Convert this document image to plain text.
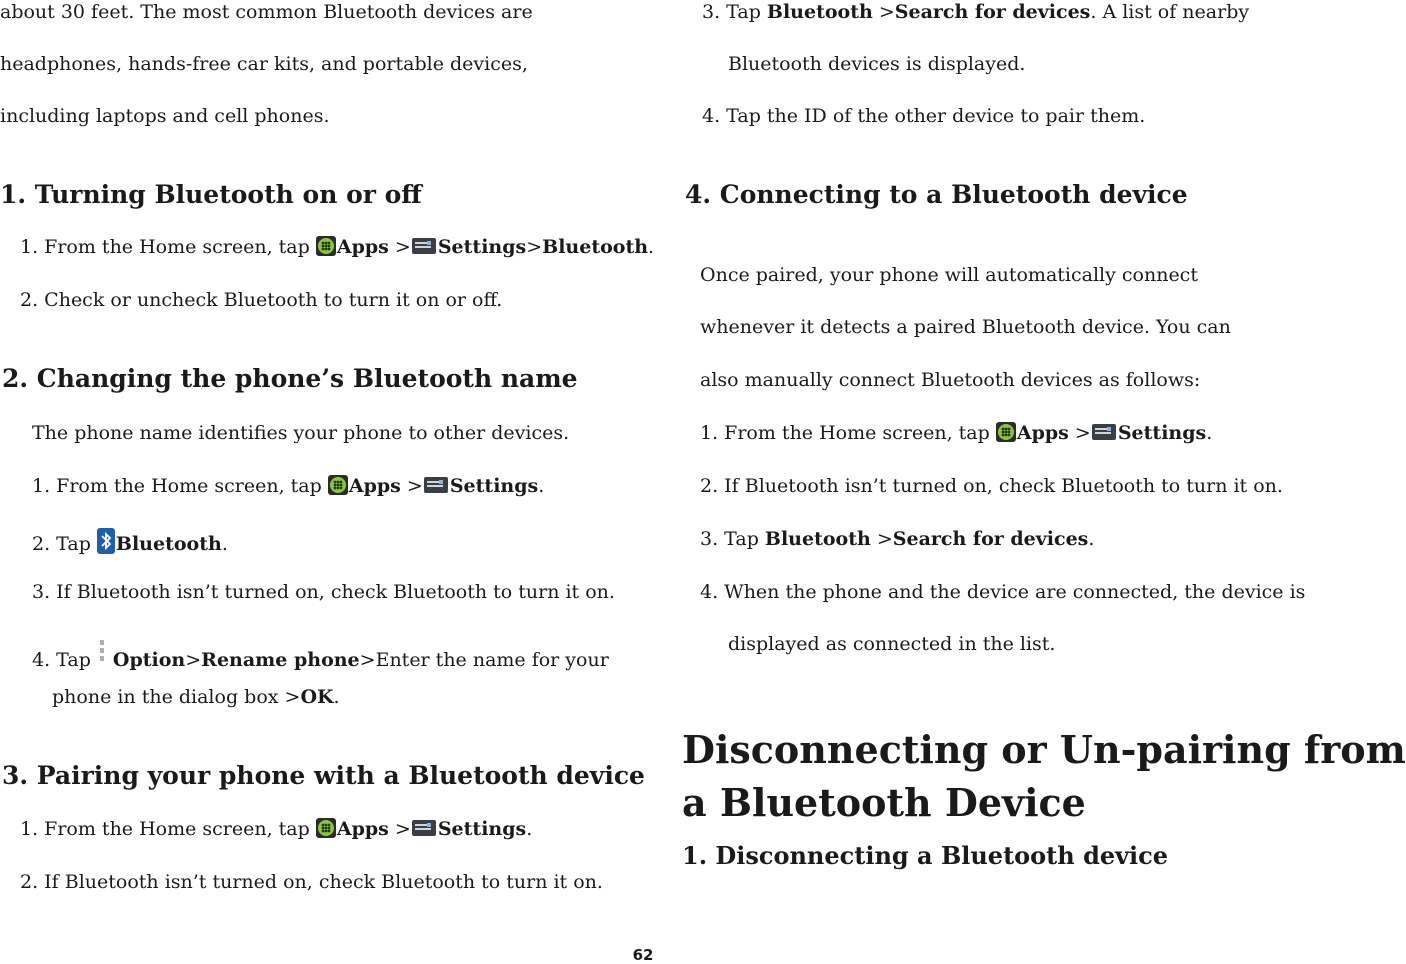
about 30 feet. The most common Bluetooth devices are
headphones, hands-free car kits, and portable devices,
including laptops and cell phones.
1. Turning Bluetooth on or off
1. From the Home screen, tap Apps > Settings>Bluetooth.
2. Check or uncheck Bluetooth to turn it on or off.
2. Changing the phone’s Bluetooth name
The phone name identifies your phone to other devices.
1. From the Home screen, tap Apps > Settings.
2. Tap Bluetooth.
3. If Bluetooth isn’t turned on, check Bluetooth to turn it on.
4. Tap Option>Rename phone>Enter the name for your
phone in the dialog box >OK.
3. Pairing your phone with a Bluetooth device
1. From the Home screen, tap Apps > Settings.
2. If Bluetooth isn’t turned on, check Bluetooth to turn it on.
3. Tap Bluetooth >Search for devices. A list of nearby
Bluetooth devices is displayed.
4. Tap the ID of the other device to pair them.
4. Connecting to a Bluetooth device
Once paired, your phone will automatically connect
whenever it detects a paired Bluetooth device. You can
also manually connect Bluetooth devices as follows:
1. From the Home screen, tap Apps > Settings.
2. If Bluetooth isn’t turned on, check Bluetooth to turn it on.
3. Tap Bluetooth >Search for devices.
4. When the phone and the device are connected, the device is
displayed as connected in the list.
Disconnecting or Un-pairing from
a Bluetooth Device
1. Disconnecting a Bluetooth device
62
